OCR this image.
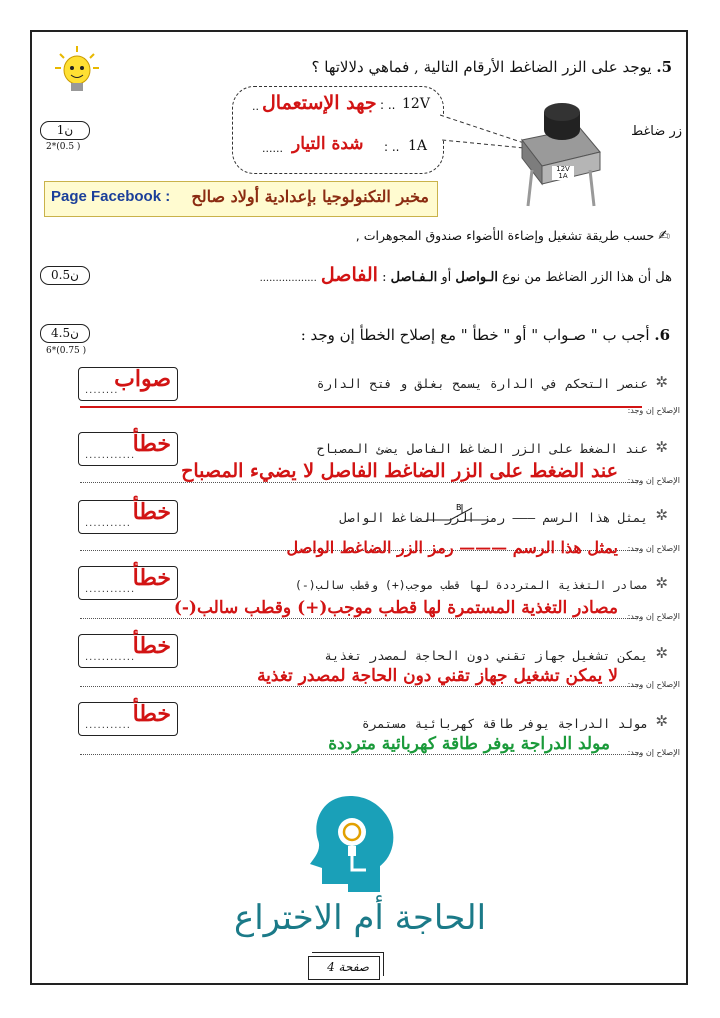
5. يوجد على الزر الضاغط الأرقام التالية , فماهي دلالاتها ؟
1ن
2*(0.5 )
.. جهد الإستعمال : .. 12V
...... شدة التيار : .. 1A
12V 1A
زر ضاغط
Page Facebook : مخبر التكنولوجيا بإعدادية أولاد صالح
✍ حسب طريقة تشغيل وإضاءة الأضواء صندوق المجوهرات ,
هل أن هذا الزر الضاغط من نوع الـواصل أو الـفـاصل : الفاصل ..................
0.5ن
6. أجب ب " صـواب " أو " خطأ " مع إصلاح الخطأ إن وجد :
4.5ن
6*(0.75 )
........
صواب	✲
عنصر التحكم في الدارة يسمح بغلق و فتح الدارة
الإصلاح إن وجد:
............
خطأ	✲
عند الضغط على الزر الضاغط الفاصل يضئ المصباح
الإصلاح إن وجد:
عند الضغط على الزر الضاغط الفاصل لا يضيء المصباح
........... خطأ	✲
يمثل هذا الرسم ——— رمز الزر الضاغط الواصل
B
الإصلاح إن وجد:
يمثل هذا الرسم ——— رمز الزر الضاغط الواصل
............
خطأ	✲
مصادر التغذية المترددة لها قطب موجب(+) وقطب سالب(-)
الإصلاح إن وجد:
مصادر التغذية المستمرة لها قطب موجب(+) وقطب سالب(-)
............
خطأ	✲
يمكن تشغيل جهاز تقني دون الحاجة لمصدر تغذية
الإصلاح إن وجد:
لا يمكن تشغيل جهاز تقني دون الحاجة لمصدر تغذية
........... خطأ	✲
مولد الدراجة يوفر طاقة كهربائية مستمرة
الإصلاح إن وجد:
مولد الدراجة يوفر طاقة كهربائية مترددة
الحاجة أم الاختراع
صفحة 4
